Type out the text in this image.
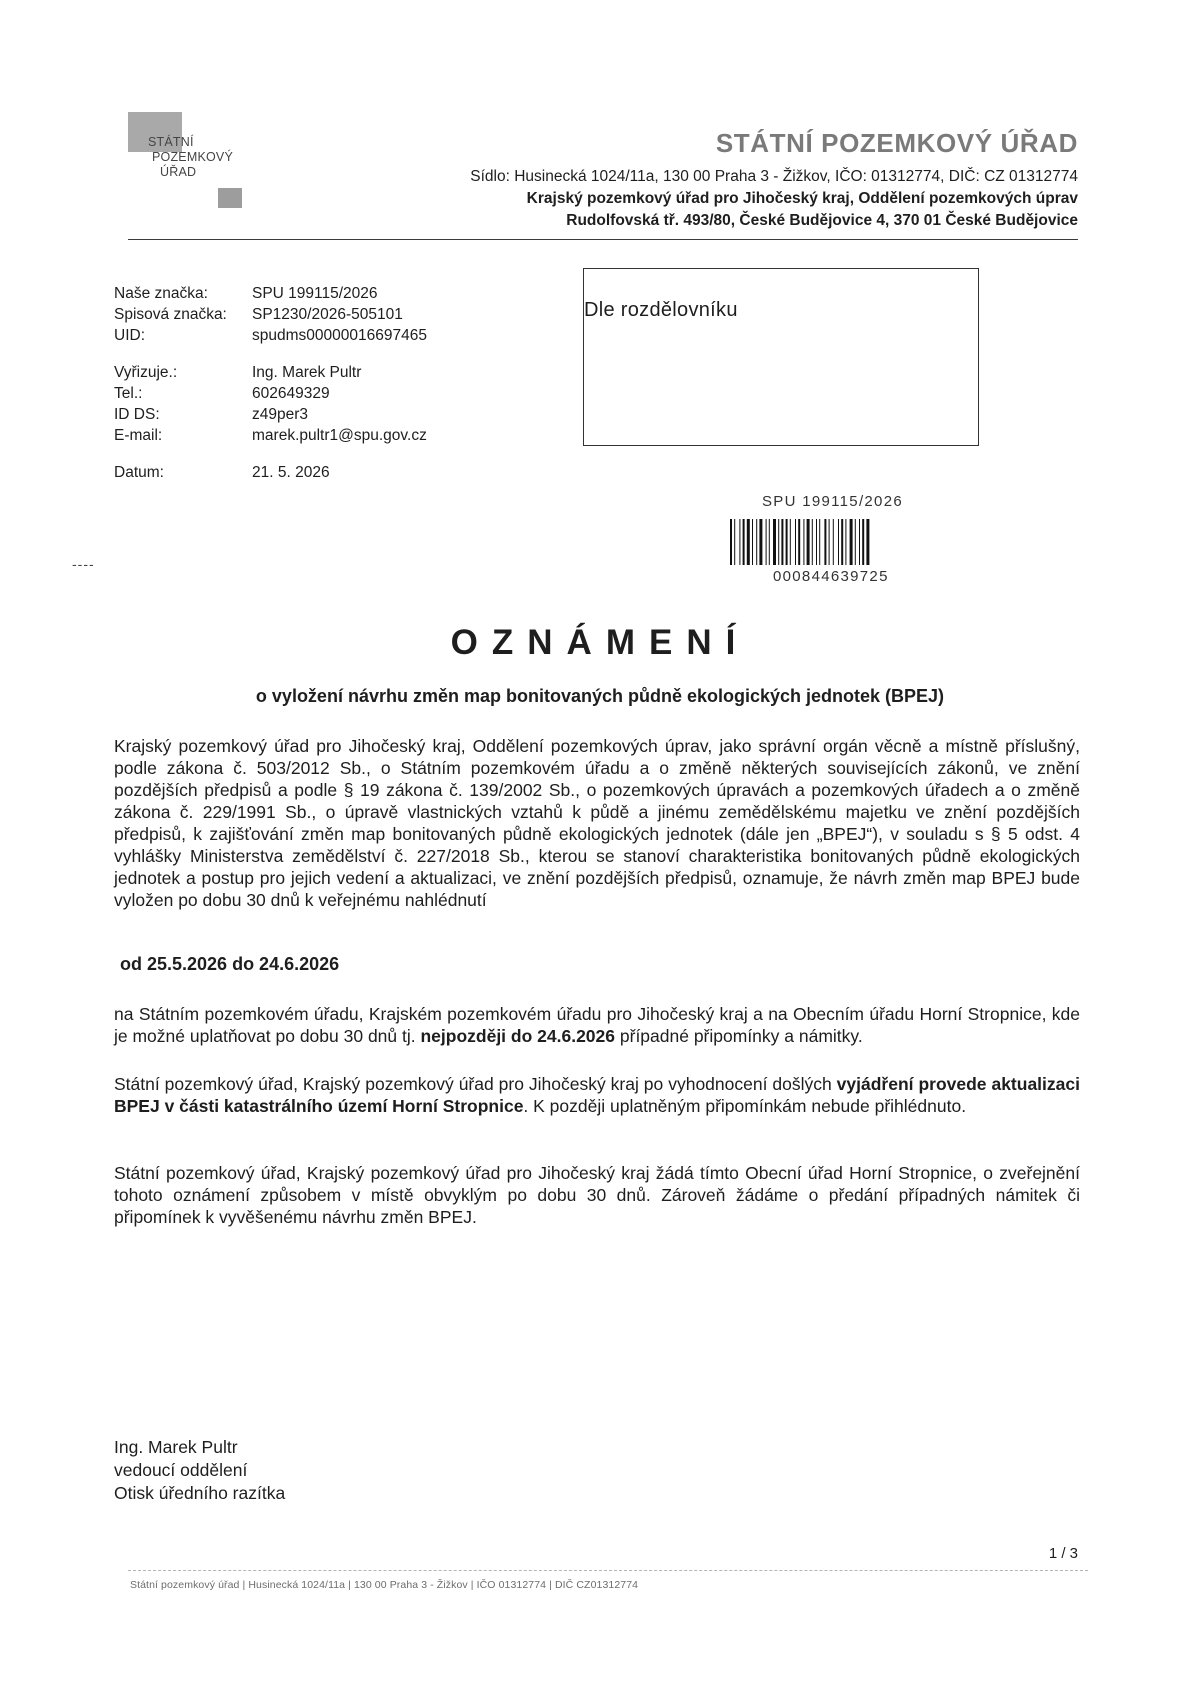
STÁTNÍ
POZEMKOVÝ
ÚŘAD
STÁTNÍ POZEMKOVÝ ÚŘAD
Sídlo: Husinecká 1024/11a, 130 00 Praha 3 - Žižkov, IČO: 01312774, DIČ: CZ 01312774
Krajský pozemkový úřad pro Jihočeský kraj, Oddělení pozemkových úprav
Rudolfovská tř. 493/80, České Budějovice 4, 370 01 České Budějovice
Naše značka:	SPU 199115/2026
Spisová značka:	SP1230/2026-505101
UID:	spudms00000016697465
Vyřizuje.:	Ing. Marek Pultr
Tel.:	602649329
ID DS:	z49per3
E-mail:	marek.pultr1@spu.gov.cz
Datum:	21. 5. 2026
Dle rozdělovníku
SPU 199115/2026
000844639725
----
OZNÁMENÍ
o vyložení návrhu změn map bonitovaných půdně ekologických jednotek (BPEJ)
Krajský pozemkový úřad pro Jihočeský kraj, Oddělení pozemkových úprav, jako správní orgán věcně a místně příslušný, podle zákona č. 503/2012 Sb., o Státním pozemkovém úřadu a o změně některých souvisejících zákonů, ve znění pozdějších předpisů a podle § 19 zákona č. 139/2002 Sb., o pozemkových úpravách a pozemkových úřadech a o změně zákona č. 229/1991 Sb., o úpravě vlastnických vztahů k půdě a jinému zemědělskému majetku ve znění pozdějších předpisů, k zajišťování změn map bonitovaných půdně ekologických jednotek (dále jen „BPEJ“), v souladu s § 5 odst. 4 vyhlášky Ministerstva zemědělství č. 227/2018 Sb., kterou se stanoví charakteristika bonitovaných půdně ekologických jednotek a postup pro jejich vedení a aktualizaci, ve znění pozdějších předpisů, oznamuje, že návrh změn map BPEJ bude vyložen po dobu 30 dnů k veřejnému nahlédnutí
od 25.5.2026 do 24.6.2026
na Státním pozemkovém úřadu, Krajském pozemkovém úřadu pro Jihočeský kraj a na Obecním úřadu Horní Stropnice, kde je možné uplatňovat po dobu 30 dnů tj. nejpozději do 24.6.2026 případné připomínky a námitky.
Státní pozemkový úřad, Krajský pozemkový úřad pro Jihočeský kraj po vyhodnocení došlých vyjádření provede aktualizaci BPEJ v části katastrálního území Horní Stropnice. K později uplatněným připomínkám nebude přihlédnuto.
Státní pozemkový úřad, Krajský pozemkový úřad pro Jihočeský kraj žádá tímto Obecní úřad Horní Stropnice, o zveřejnění tohoto oznámení způsobem v místě obvyklým po dobu 30 dnů. Zároveň žádáme o předání případných námitek či připomínek k vyvěšenému návrhu změn BPEJ.
Ing. Marek Pultr
vedoucí oddělení
Otisk úředního razítka
1 / 3
Státní pozemkový úřad | Husinecká 1024/11a | 130 00 Praha 3 - Žižkov | IČO 01312774 | DIČ CZ01312774
